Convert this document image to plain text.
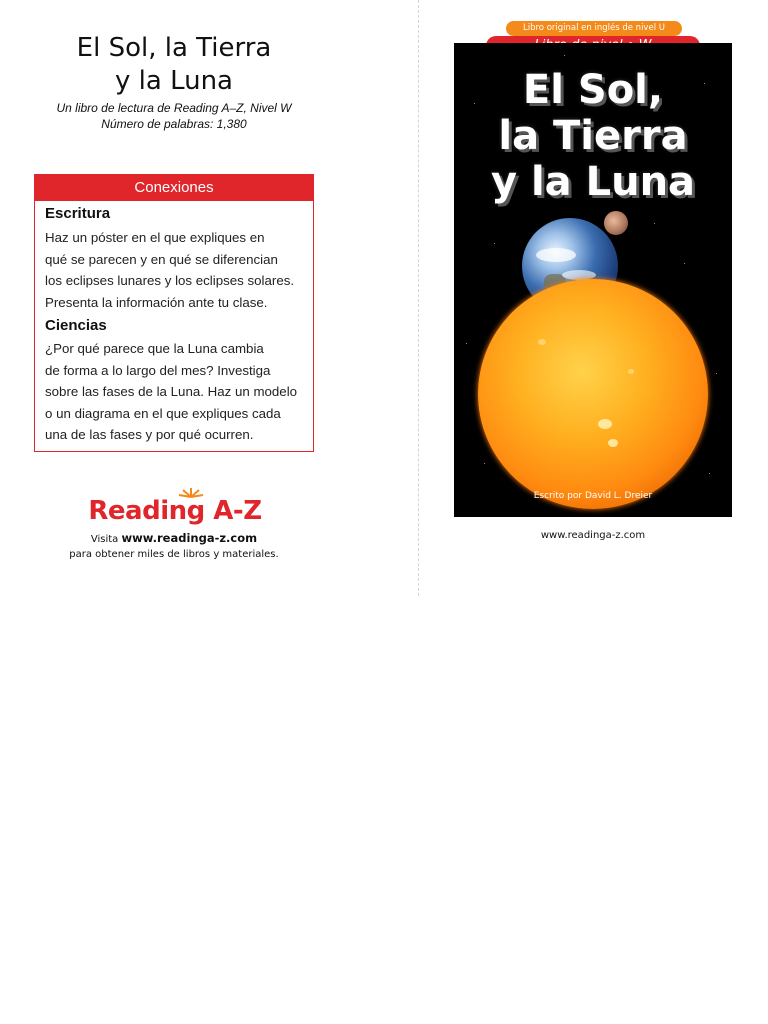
El Sol, la Tierra
y la Luna
Un libro de lectura de Reading A–Z, Nivel W
Número de palabras: 1,380
Conexiones
Escritura
Haz un póster en el que expliques en
qué se parecen y en qué se diferencian
los eclipses lunares y los eclipses solares.
Presenta la información ante tu clase.
Ciencias
¿Por qué parece que la Luna cambia
de forma a lo largo del mes? Investiga
sobre las fases de la Luna. Haz un modelo
o un diagrama en el que expliques cada
una de las fases y por qué ocurren.
Reading A-Z
Visita www.readinga-z.com
para obtener miles de libros y materiales.
Libro original en inglés de nivel U
El Sol,
la Tierra
y la Luna
Escrito por David L. Dreier
www.readinga-z.com
